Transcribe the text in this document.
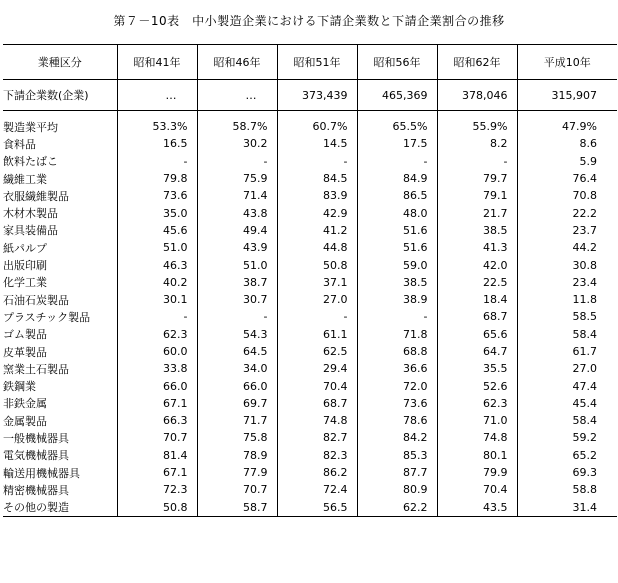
第７－10表　中小製造企業における下請企業数と下請企業割合の推移
業種区分	昭和41年	昭和46年	昭和51年	昭和56年	昭和62年	平成10年
下請企業数(企業)	…	…	373,439	465,369	378,046	315,907

製造業平均	53.3%	58.7%	60.7%	65.5%	55.9%	47.9%
食料品	16.5	30.2	14.5	17.5	8.2	8.6
飲料たばこ	-	-	-	-	-	5.9
繊維工業	79.8	75.9	84.5	84.9	79.7	76.4
衣服繊維製品	73.6	71.4	83.9	86.5	79.1	70.8
木材木製品	35.0	43.8	42.9	48.0	21.7	22.2
家具装備品	45.6	49.4	41.2	51.6	38.5	23.7
紙パルプ	51.0	43.9	44.8	51.6	41.3	44.2
出版印刷	46.3	51.0	50.8	59.0	42.0	30.8
化学工業	40.2	38.7	37.1	38.5	22.5	23.4
石油石炭製品	30.1	30.7	27.0	38.9	18.4	11.8
プラスチック製品	-	-	-	-	68.7	58.5
ゴム製品	62.3	54.3	61.1	71.8	65.6	58.4
皮革製品	60.0	64.5	62.5	68.8	64.7	61.7
窯業土石製品	33.8	34.0	29.4	36.6	35.5	27.0
鉄鋼業	66.0	66.0	70.4	72.0	52.6	47.4
非鉄金属	67.1	69.7	68.7	73.6	62.3	45.4
金属製品	66.3	71.7	74.8	78.6	71.0	58.4
一般機械器具	70.7	75.8	82.7	84.2	74.8	59.2
電気機械器具	81.4	78.9	82.3	85.3	80.1	65.2
輸送用機械器具	67.1	77.9	86.2	87.7	79.9	69.3
精密機械器具	72.3	70.7	72.4	80.9	70.4	58.8
その他の製造	50.8	58.7	56.5	62.2	43.5	31.4
